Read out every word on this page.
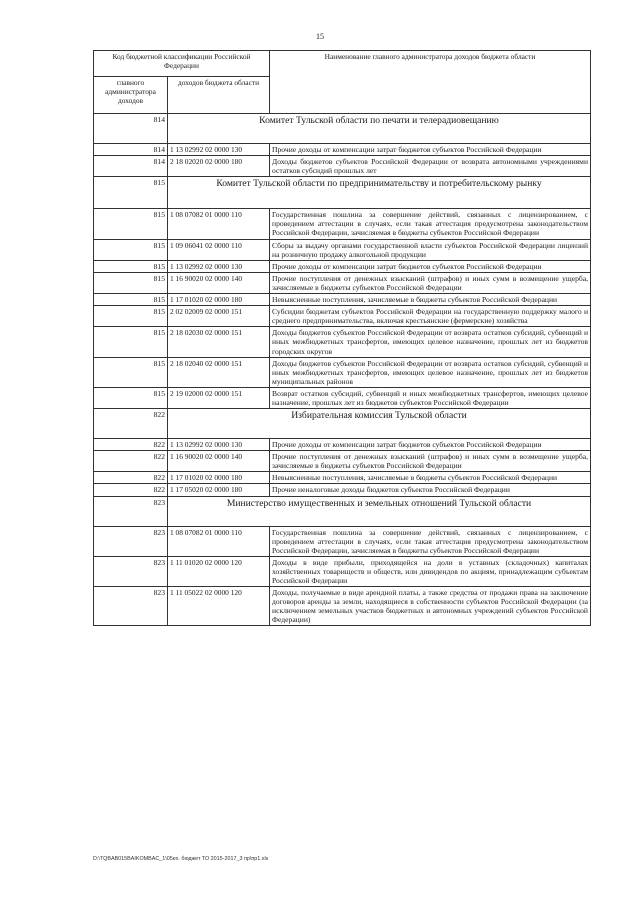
15
Код бюджетной классификации Российской Федерации		Наименование главного администратора доходов бюджета области
главного администратора доходов	доходов бюджета области	
814	Комитет Тульской области по печати и телерадиовещанию	
814	1 13 02992 02 0000 130	Прочие доходы от компенсации затрат бюджетов субъектов Российской Федерации
814	2 18 02020 02 0000 180	Доходы бюджетов субъектов Российской Федерации от возврата автономными учреждениями остатков субсидий прошлых лет
815	Комитет Тульской области по предпринимательству и потребительскому рынку	
815	1 08 07082 01 0000 110	Государственная пошлина за совершение действий, связанных с лицензированием, с проведением аттестации в случаях, если такая аттестация предусмотрена законодательством Российской Федерации, зачисляемая в бюджеты субъектов Российской Федерации
815	1 09 06041 02 0000 110	Сборы за выдачу органами государственной власти субъектов Российской Федерации лицензий на розничную продажу алкогольной продукции
815	1 13 02992 02 0000 130	Прочие доходы от компенсации затрат бюджетов субъектов Российской Федерации
815	1 16 90020 02 0000 140	Прочие поступления от денежных взысканий (штрафов) и иных сумм в возмещение ущерба, зачисляемые в бюджеты субъектов Российской Федерации
815	1 17 01020 02 0000 180	Невыясненные поступления, зачисляемые в бюджеты субъектов Российской Федерации
815	2 02 02009 02 0000 151	Субсидии бюджетам субъектов Российской Федерации на государственную поддержку малого и среднего предпринимательства, включая крестьянские (фермерские) хозяйства
815	2 18 02030 02 0000 151	Доходы бюджетов субъектов Российской Федерации от возврата остатков субсидий, субвенций и иных межбюджетных трансфертов, имеющих целевое назначение, прошлых лет из бюджетов городских округов
815	2 18 02040 02 0000 151	Доходы бюджетов субъектов Российской Федерации от возврата остатков субсидий, субвенций и иных межбюджетных трансфертов, имеющих целевое назначение, прошлых лет из бюджетов муниципальных районов
815	2 19 02000 02 0000 151	Возврат остатков субсидий, субвенций и иных межбюджетных трансфертов, имеющих целевое назначение, прошлых лет из бюджетов субъектов Российской Федерации
822	Избирательная комиссия Тульской области	
822	1 13 02992 02 0000 130	Прочие доходы от компенсации затрат бюджетов субъектов Российской Федерации
822	1 16 90020 02 0000 140	Прочие поступления от денежных взысканий (штрафов) и иных сумм в возмещение ущерба, зачисляемые в бюджеты субъектов Российской Федерации
822	1 17 01020 02 0000 180	Невыясненные поступления, зачисляемые в бюджеты субъектов Российской Федерации
822	1 17 05020 02 0000 180	Прочие неналоговые доходы бюджетов субъектов Российской Федерации
823	Министерство имущественных и земельных отношений Тульской области	
823	1 08 07082 01 0000 110	Государственная пошлина за совершение действий, связанных с лицензированием, с проведением аттестации в случаях, если такая аттестация предусмотрена законодательством Российской Федерации, зачисляемая в бюджеты субъектов Российской Федерации
823	1 11 01020 02 0000 120	Доходы в виде прибыли, приходящейся на доли в уставных (складочных) капиталах хозяйственных товариществ и обществ, или дивидендов по акциям, принадлежащим субъектам Российской Федерации
823	1 11 05022 02 0000 120	Доходы, получаемые в виде арендной платы, а также средства от продажи права на заключение договоров аренды за земли, находящиеся в собственности субъектов Российской Федерации (за исключением земельных участков бюджетных и автономных учреждений субъектов Российской Федерации)
D:\TQBAB015BAIKOMBAC_1\05ex. бюджет ТО 2015-2017_3 пр\пр1.xls
